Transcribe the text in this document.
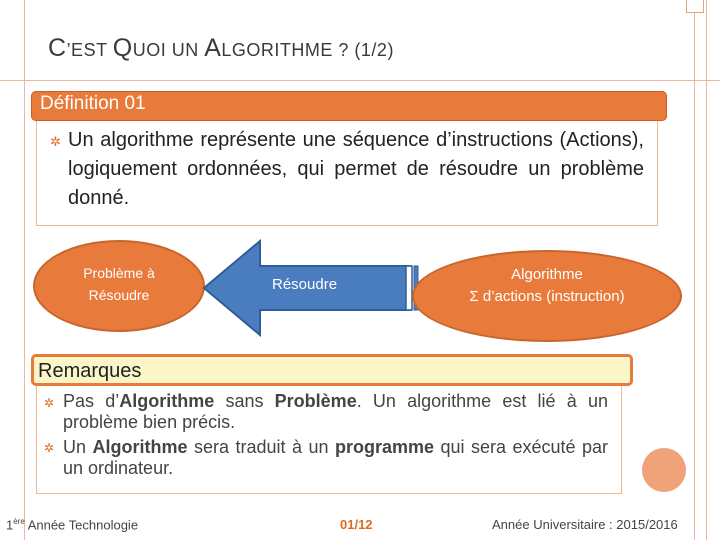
C’EST QUOI UN ALGORITHME ? (1/2)
Définition 01
✲ Un algorithme représente une séquence d’instructions (Actions), logiquement ordonnées, qui permet de résoudre un problème donné.
Problème à Résoudre
Résoudre
Algorithme
Σ d’actions (instruction)
Remarques
✲ Pas d’Algorithme sans Problème. Un algorithme est lié à un problème bien précis.
✲ Un Algorithme sera traduit à un programme qui sera exécuté par un ordinateur.
1ère Année Technologie	01/12	Année Universitaire : 2015/2016
